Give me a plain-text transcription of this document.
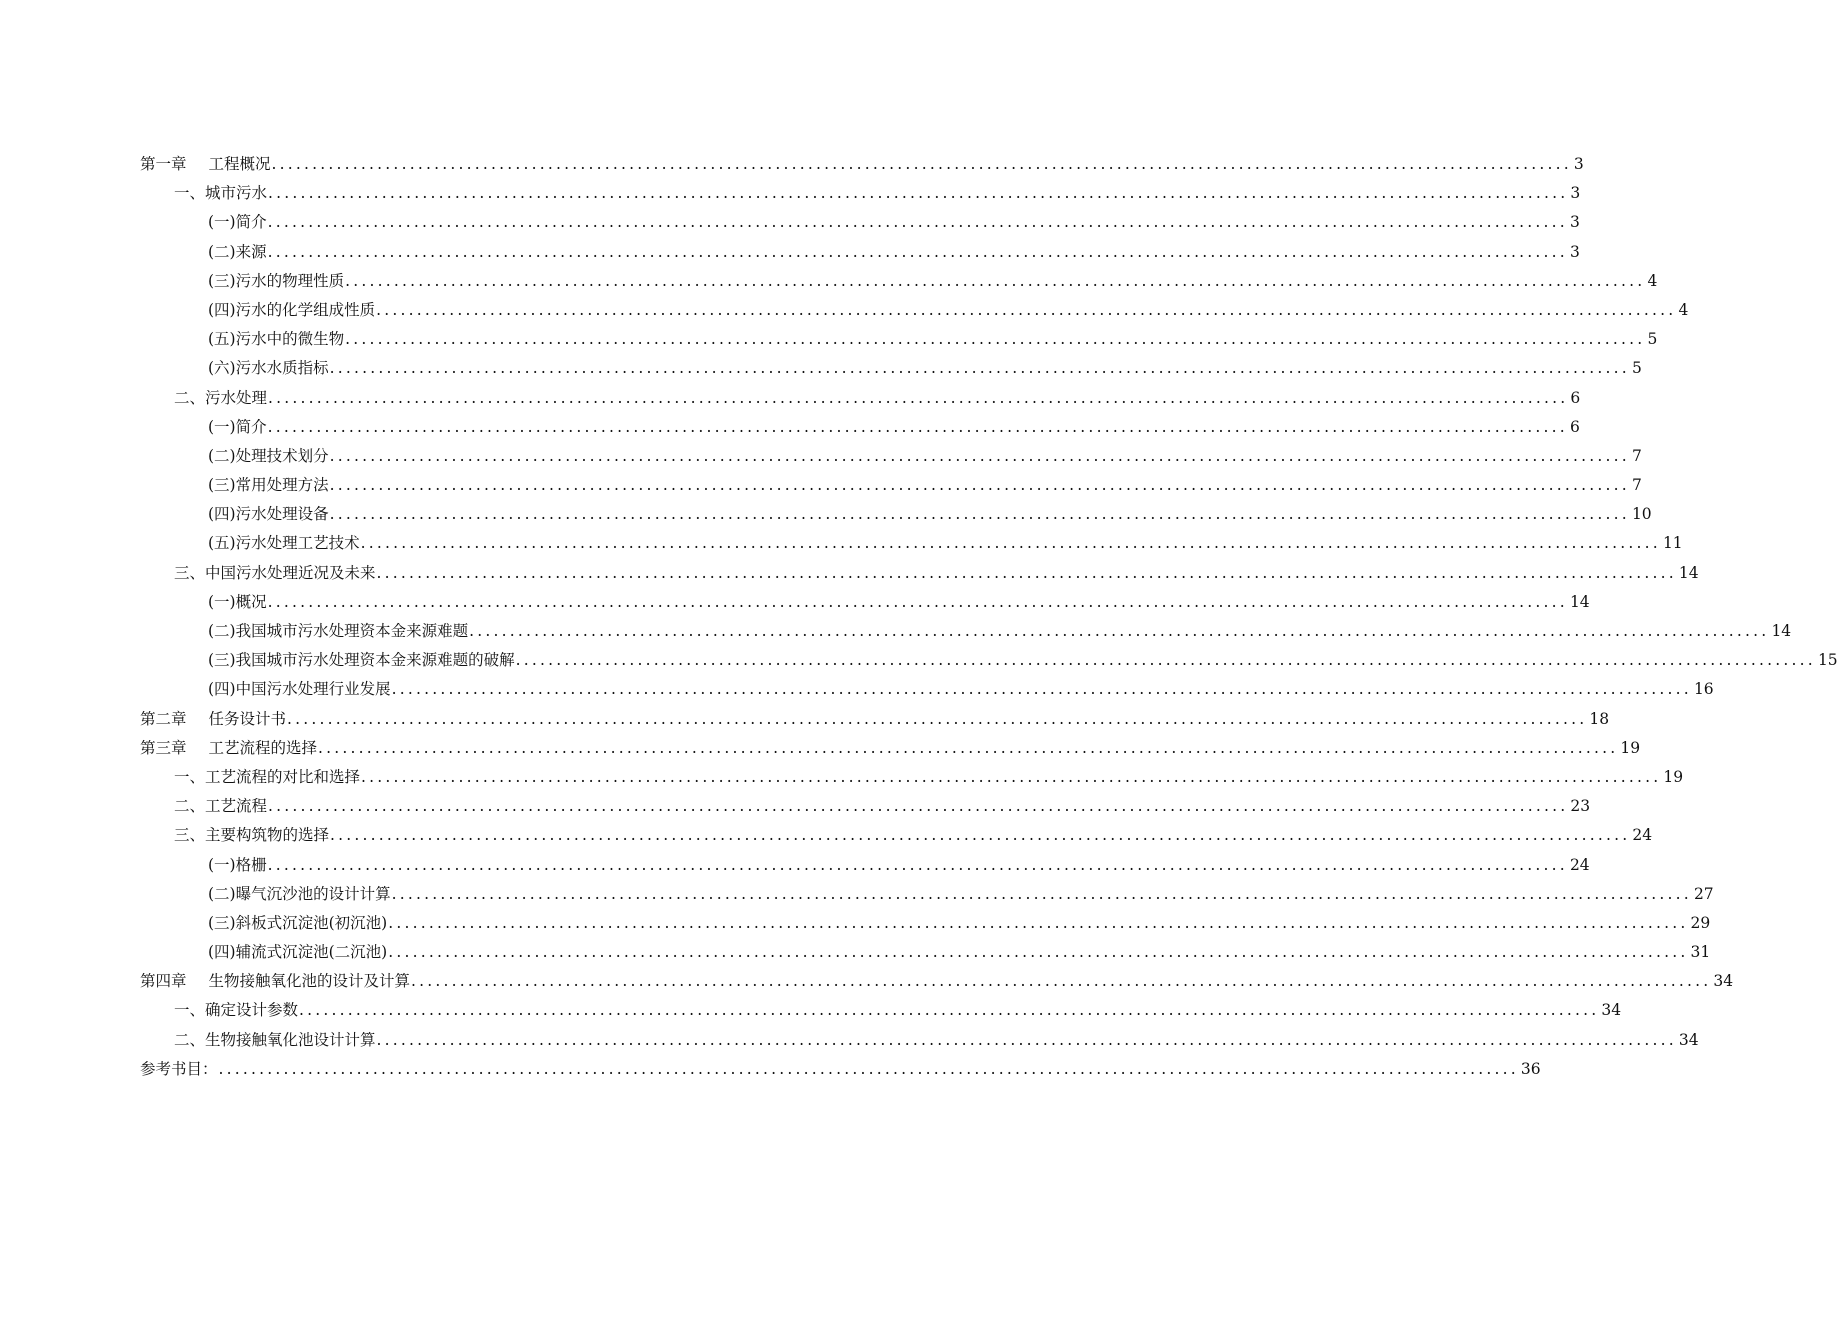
第一章 工程概况 ................................................................................................................................................................ 3
一、城市污水 ................................................................................................................................................................ 3
(一)简介 ................................................................................................................................................................ 3
(二)来源 ................................................................................................................................................................ 3
(三)污水的物理性质 ................................................................................................................................................................ 4
(四)污水的化学组成性质 ................................................................................................................................................................ 4
(五)污水中的微生物 ................................................................................................................................................................ 5
(六)污水水质指标 ................................................................................................................................................................ 5
二、污水处理 ................................................................................................................................................................ 6
(一)简介 ................................................................................................................................................................ 6
(二)处理技术划分 ................................................................................................................................................................ 7
(三)常用处理方法 ................................................................................................................................................................ 7
(四)污水处理设备 ................................................................................................................................................................ 10
(五)污水处理工艺技术 ................................................................................................................................................................ 11
三、中国污水处理近况及未来 ................................................................................................................................................................ 14
(一)概况 ................................................................................................................................................................ 14
(二)我国城市污水处理资本金来源难题 ................................................................................................................................................................ 14
(三)我国城市污水处理资本金来源难题的破解 ................................................................................................................................................................ 15
(四)中国污水处理行业发展 ................................................................................................................................................................ 16
第二章 任务设计书 ................................................................................................................................................................ 18
第三章 工艺流程的选择 ................................................................................................................................................................ 19
一、工艺流程的对比和选择 ................................................................................................................................................................ 19
二、工艺流程 ................................................................................................................................................................ 23
三、主要构筑物的选择 ................................................................................................................................................................ 24
(一)格栅 ................................................................................................................................................................ 24
(二)曝气沉沙池的设计计算 ................................................................................................................................................................ 27
(三)斜板式沉淀池(初沉池) ................................................................................................................................................................ 29
(四)辅流式沉淀池(二沉池) ................................................................................................................................................................ 31
第四章 生物接触氧化池的设计及计算 ................................................................................................................................................................ 34
一、确定设计参数 ................................................................................................................................................................ 34
二、生物接触氧化池设计计算 ................................................................................................................................................................ 34
参考书目： ................................................................................................................................................................ 36
